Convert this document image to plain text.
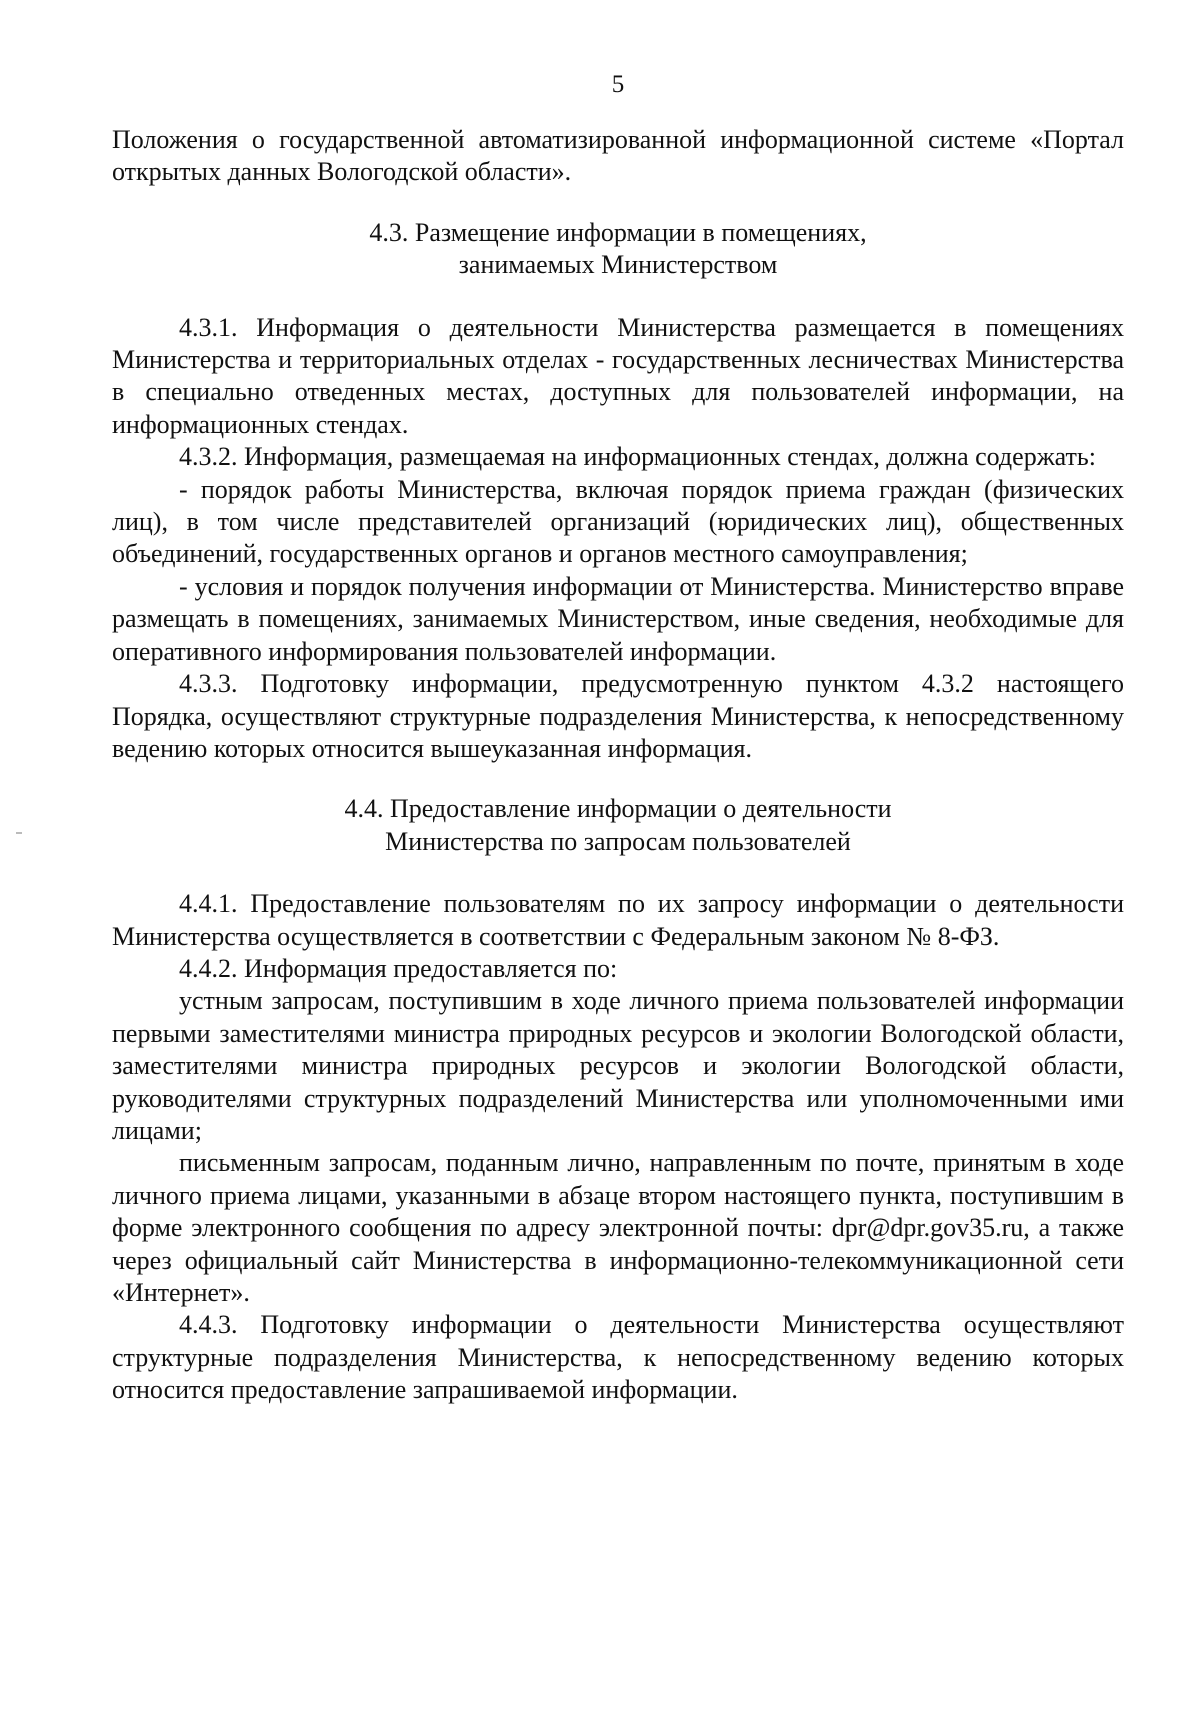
5

Положения о государственной автоматизированной информационной системе «Портал открытых данных Вологодской области».

4.3. Размещение информации в помещениях,
занимаемых Министерством

4.3.1. Информация о деятельности Министерства размещается в помещениях Министерства и территориальных отделах - государственных лесничествах Министерства в специально отведенных местах, доступных для пользователей информации, на информационных стендах.

4.3.2. Информация, размещаемая на информационных стендах, должна содержать:

- порядок работы Министерства, включая порядок приема граждан (физических лиц), в том числе представителей организаций (юридических лиц), общественных объединений, государственных органов и органов местного самоуправления;

- условия и порядок получения информации от Министерства. Министерство вправе размещать в помещениях, занимаемых Министерством, иные сведения, необходимые для оперативного информирования пользователей информации.

4.3.3. Подготовку информации, предусмотренную пунктом 4.3.2 настоящего Порядка, осуществляют структурные подразделения Министерства, к непосредственному ведению которых относится вышеуказанная информация.

4.4. Предоставление информации о деятельности
Министерства по запросам пользователей

4.4.1. Предоставление пользователям по их запросу информации о деятельности Министерства осуществляется в соответствии с Федеральным законом № 8-ФЗ.

4.4.2. Информация предоставляется по:

устным запросам, поступившим в ходе личного приема пользователей информации первыми заместителями министра природных ресурсов и экологии Вологодской области, заместителями министра природных ресурсов и экологии Вологодской области, руководителями структурных подразделений Министерства или уполномоченными ими лицами;

письменным запросам, поданным лично, направленным по почте, принятым в ходе личного приема лицами, указанными в абзаце втором настоящего пункта, поступившим в форме электронного сообщения по адресу электронной почты: dpr@dpr.gov35.ru, а также через официальный сайт Министерства в информационно-телекоммуникационной сети «Интернет».

4.4.3. Подготовку информации о деятельности Министерства осуществляют структурные подразделения Министерства, к непосредственному ведению которых относится предоставление запрашиваемой информации.
